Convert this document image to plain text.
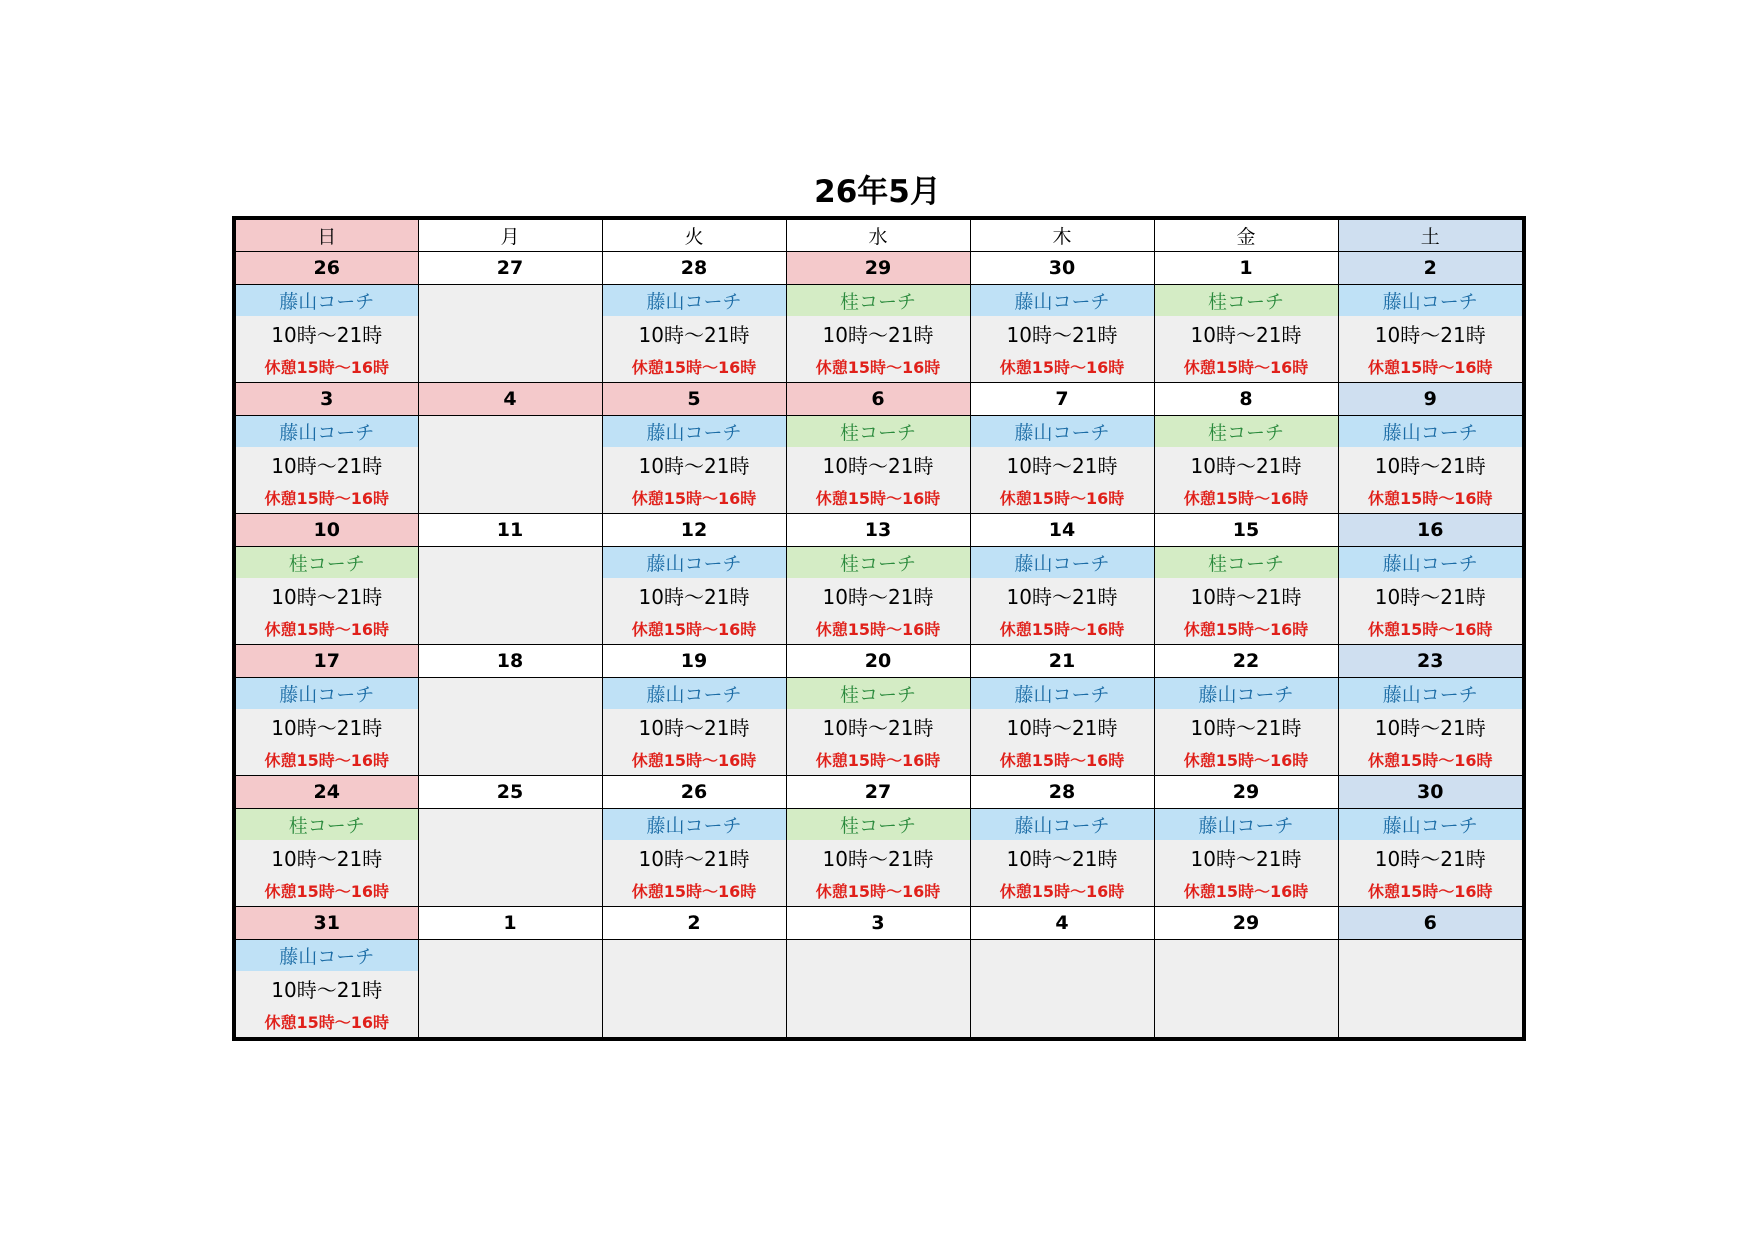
26年5月
日	月	火	水	木	金	土
26	27	28	29	30	1	2
藤山コーチ		藤山コーチ	桂コーチ	藤山コーチ	桂コーチ	藤山コーチ
10時～21時		10時～21時	10時～21時	10時～21時	10時～21時	10時～21時
休憩15時～16時		休憩15時～16時	休憩15時～16時	休憩15時～16時	休憩15時～16時	休憩15時～16時
3	4	5	6	7	8	9
藤山コーチ		藤山コーチ	桂コーチ	藤山コーチ	桂コーチ	藤山コーチ
10時～21時		10時～21時	10時～21時	10時～21時	10時～21時	10時～21時
休憩15時～16時		休憩15時～16時	休憩15時～16時	休憩15時～16時	休憩15時～16時	休憩15時～16時
10	11	12	13	14	15	16
桂コーチ		藤山コーチ	桂コーチ	藤山コーチ	桂コーチ	藤山コーチ
10時～21時		10時～21時	10時～21時	10時～21時	10時～21時	10時～21時
休憩15時～16時		休憩15時～16時	休憩15時～16時	休憩15時～16時	休憩15時～16時	休憩15時～16時
17	18	19	20	21	22	23
藤山コーチ		藤山コーチ	桂コーチ	藤山コーチ	藤山コーチ	藤山コーチ
10時～21時		10時～21時	10時～21時	10時～21時	10時～21時	10時～21時
休憩15時～16時		休憩15時～16時	休憩15時～16時	休憩15時～16時	休憩15時～16時	休憩15時～16時
24	25	26	27	28	29	30
桂コーチ		藤山コーチ	桂コーチ	藤山コーチ	藤山コーチ	藤山コーチ
10時～21時		10時～21時	10時～21時	10時～21時	10時～21時	10時～21時
休憩15時～16時		休憩15時～16時	休憩15時～16時	休憩15時～16時	休憩15時～16時	休憩15時～16時
31	1	2	3	4	29	6
藤山コーチ						
10時～21時						
休憩15時～16時						
